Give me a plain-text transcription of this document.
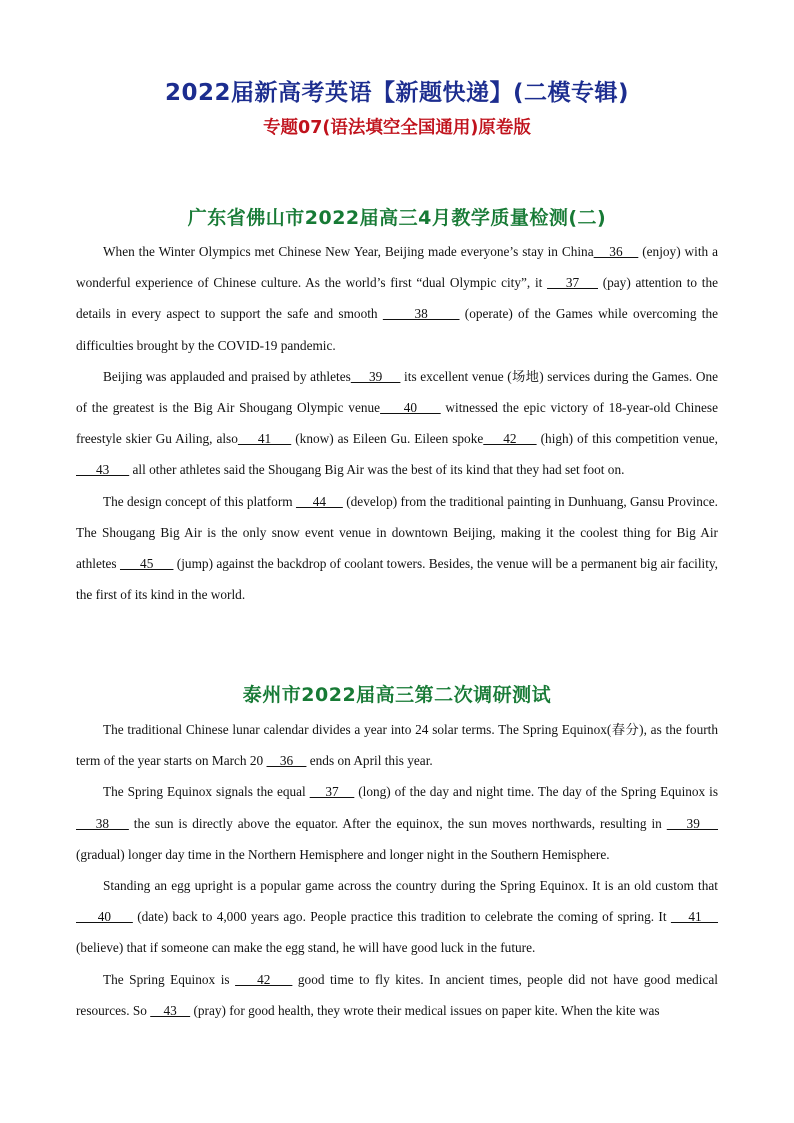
2022届新高考英语【新题快递】(二模专辑)
专题07(语法填空全国通用)原卷版
广东省佛山市2022届高三4月教学质量检测(二)

When the Winter Olympics met Chinese New Year, Beijing made everyone’s stay in China    36     (enjoy) with a wonderful experience of Chinese culture. As the world’s first “dual Olympic city”, it     37     (pay) attention to the details in every aspect to support the safe and smooth       38       (operate) of the Games while overcoming the difficulties brought by the COVID-19 pandemic.

Beijing was applauded and praised by athletes     39      its excellent venue (场地) services during the Games. One of the greatest is the Big Air Shougang Olympic venue     40      witnessed the epic victory of 18-year-old Chinese freestyle skier Gu Ailing, also     41      (know) as Eileen Gu. Eileen spoke     42      (high) of this competition venue,       43       all other athletes said the Shougang Big Air was the best of its kind that they had set foot on.

The design concept of this platform      44      (develop) from the traditional painting in Dunhuang, Gansu Province. The Shougang Big Air is the only snow event venue in downtown Beijing, making it the coolest thing for Big Air athletes       45       (jump) against the backdrop of coolant towers. Besides, the venue will be a permanent big air facility, the first of its kind in the world.

泰州市2022届高三第二次调研测试

The traditional Chinese lunar calendar divides a year into 24 solar terms. The Spring Equinox(春分), as the fourth term of the year starts on March 20     36     ends on April this year.

The Spring Equinox signals the equal     37     (long) of the day and night time. The day of the Spring Equinox is     38     the sun is directly above the equator. After the equinox, the sun moves northwards, resulting in     39     (gradual) longer day time in the Northern Hemisphere and longer night in the Southern Hemisphere.

Standing an egg upright is a popular game across the country during the Spring Equinox. It is an old custom that      40      (date) back to 4,000 years ago. People practice this tradition to celebrate the coming of spring. It     41     (believe) that if someone can make the egg stand, he will have good luck in the future.

The Spring Equinox is     42     good time to fly kites. In ancient times, people did not have good medical resources. So     43     (pray) for good health, they wrote their medical issues on paper kite. When the kite was
